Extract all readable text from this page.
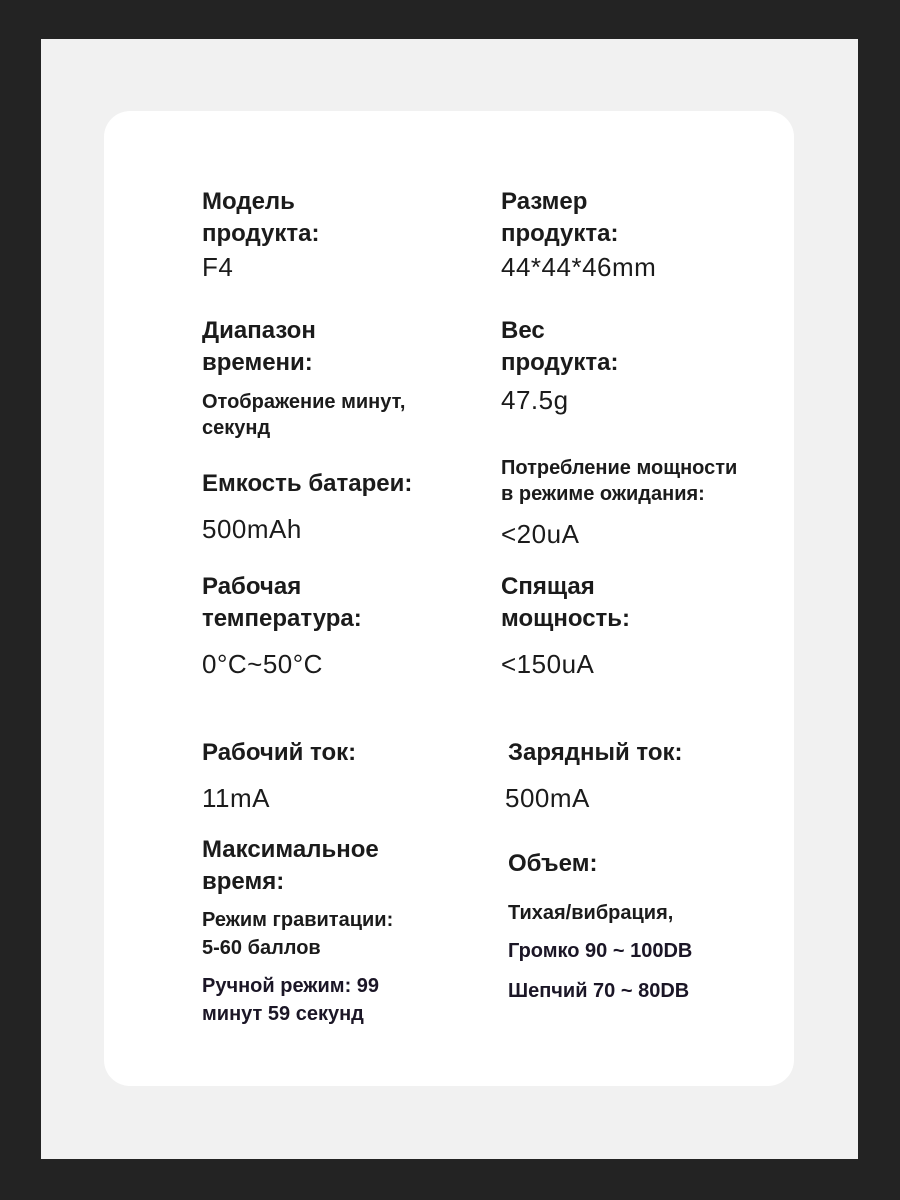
Модель
продукта:
F4
Диапазон
времени:
Отображение минут,
секунд
Емкость батареи:
500mAh
Рабочая
температура:
0°C~50°C
Рабочий ток:
11mA
Максимальное
время:
Режим гравитации:
5-60 баллов
Ручной режим: 99
минут 59 секунд
Размер
продукта:
44*44*46mm
Вес
продукта:
47.5g
Потребление мощности
в режиме ожидания:
<20uA
Спящая
мощность:
<150uA
Зарядный ток:
500mA
Объем:
Тихая/вибрация,
Громко 90 ~ 100DB
Шепчий 70 ~ 80DB
